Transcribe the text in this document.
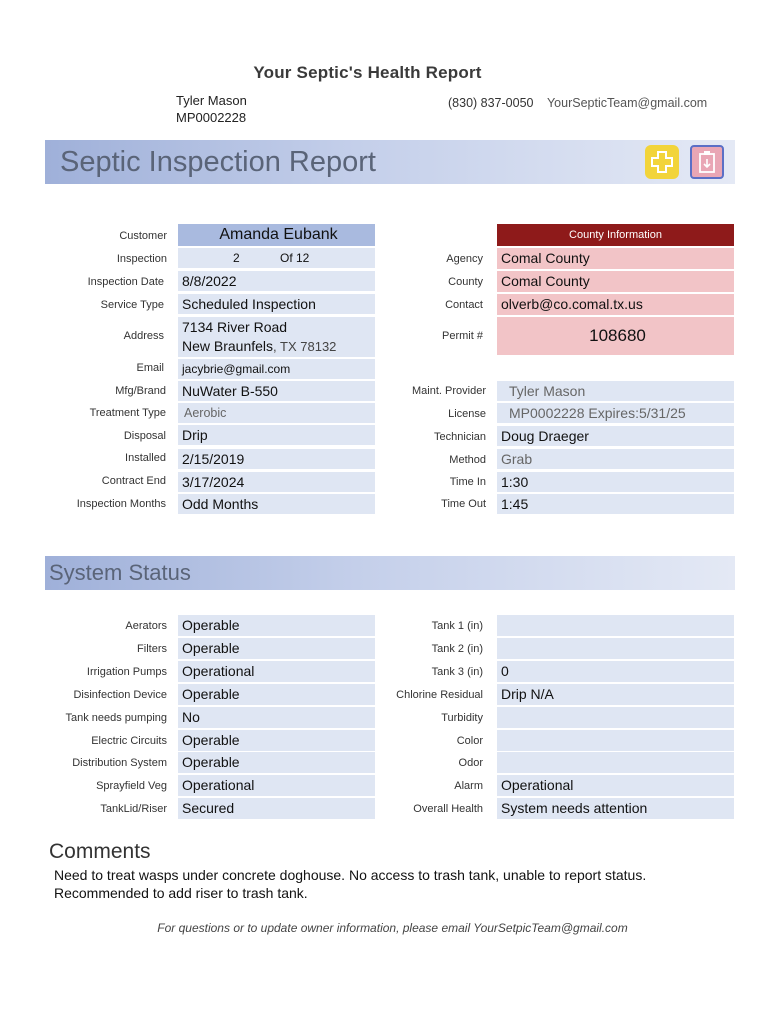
Your Septic's Health Report
Tyler Mason
MP0002228
(830) 837-0050 YourSepticTeam@gmail.com
Septic Inspection Report
Customer	Amanda Eubank
Inspection	2	Of 12
Inspection Date 8/8/2022
Service Type Scheduled Inspection
Address
7134 River Road
New Braunfels, TX 78132
Email	jacybrie@gmail.com
Mfg/Brand NuWater B-550
Treatment Type	Aerobic
Disposal Drip
Installed 2/15/2019
Contract End 3/17/2024
Inspection Months Odd Months
County Information
Agency Comal County
County Comal County
Contact olverb@co.comal.tx.us
Permit #	108680
Maint. Provider	Tyler Mason
License	MP0002228 Expires:5/31/25
Technician Doug Draeger
Method Grab
Time In 1:30
Time Out 1:45
System Status
Aerators Operable
Filters Operable
Irrigation Pumps Operational
Disinfection Device Operable
Tank needs pumping No
Electric Circuits Operable
Distribution System Operable
Sprayfield Veg Operational
TankLid/Riser Secured
Tank 1 (in)
Tank 2 (in)
Tank 3 (in) 0
Chlorine Residual Drip N/A
Turbidity
Color
Odor
Alarm Operational
Overall Health System needs attention
Comments
Need to treat wasps under concrete doghouse. No access to trash tank, unable to report status.
Recommended to add riser to trash tank.
For questions or to update owner information, please email YourSetpicTeam@gmail.com
